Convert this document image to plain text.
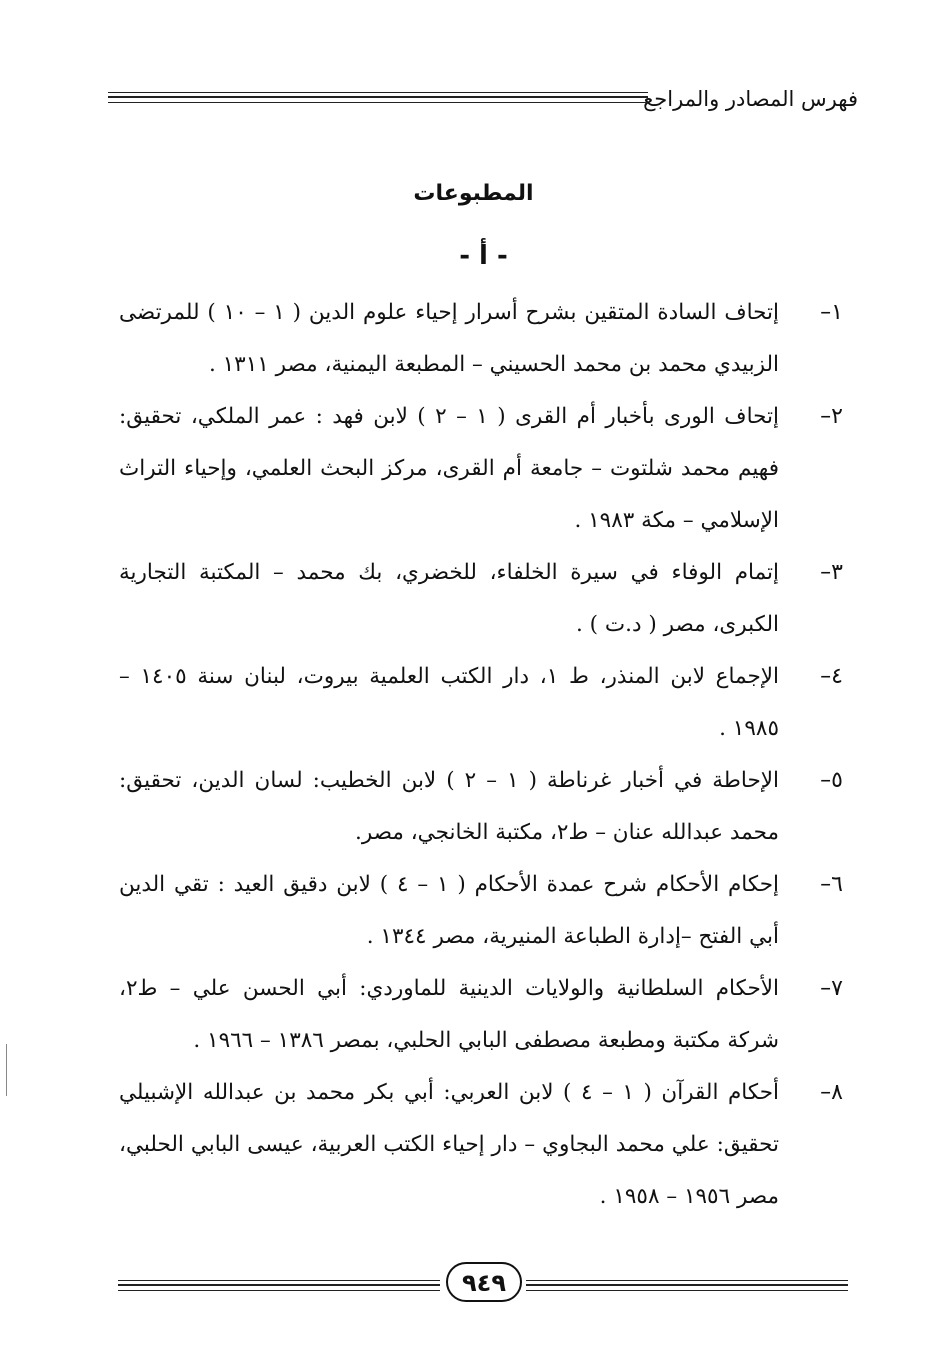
فهرس المصادر والمراجع
المطبوعات
- أ -
١–
إتحاف السادة المتقين بشرح أسرار إحياء علوم الدين ( ١ – ١٠ ) للمرتضى الزبيدي محمد بن محمد الحسيني – المطبعة اليمنية، مصر ١٣١١ .
٢–
إتحاف الورى بأخبار أم القرى ( ١ – ٢ ) لابن فهد : عمر الملكي، تحقيق: فهيم محمد شلتوت – جامعة أم القرى، مركز البحث العلمي، وإحياء التراث الإسلامي – مكة ١٩٨٣ .
٣–
إتمام الوفاء في سيرة الخلفاء، للخضري، بك محمد – المكتبة التجارية الكبرى، مصر ( د.ت ) .
٤–
الإجماع لابن المنذر، ط ١، دار الكتب العلمية بيروت، لبنان سنة ١٤٠٥ – ١٩٨٥ .
٥–
الإحاطة في أخبار غرناطة ( ١ – ٢ ) لابن الخطيب: لسان الدين، تحقيق: محمد عبدالله عنان – ط٢، مكتبة الخانجي، مصر.
٦–
إحكام الأحكام شرح عمدة الأحكام ( ١ – ٤ ) لابن دقيق العيد : تقي الدين أبي الفتح –إدارة الطباعة المنيرية، مصر ١٣٤٤ .
٧–
الأحكام السلطانية والولايات الدينية للماوردي: أبي الحسن علي – ط٢، شركة مكتبة ومطبعة مصطفى البابي الحلبي، بمصر ١٣٨٦ – ١٩٦٦ .
٨–
أحكام القرآن ( ١ – ٤ ) لابن العربي: أبي بكر محمد بن عبدالله الإشبيلي تحقيق: علي محمد البجاوي – دار إحياء الكتب العربية، عيسى البابي الحلبي، مصر ١٩٥٦ – ١٩٥٨ .
٩٤٩
